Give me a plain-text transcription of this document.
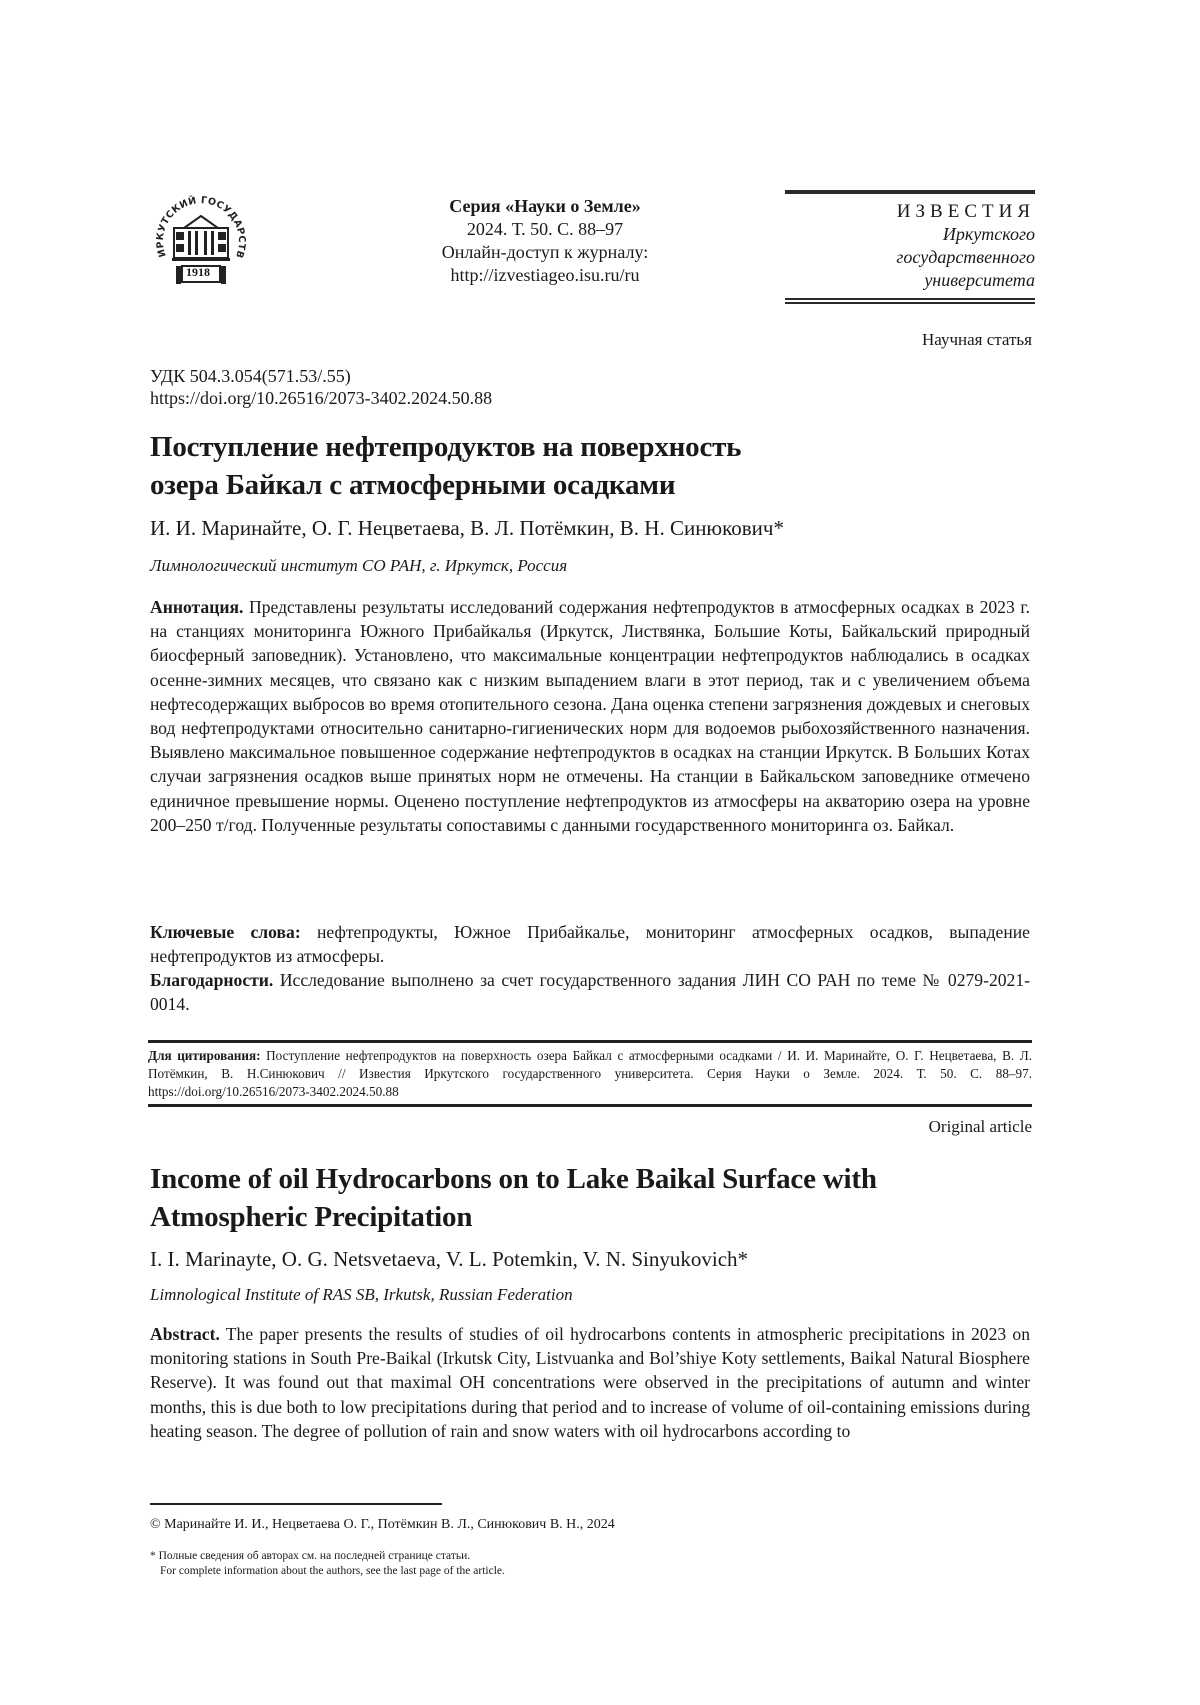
ИРКУТСКИЙ ГОСУДАРСТВ
1918
Серия «Науки о Земле»
2024. Т. 50. С. 88–97
Онлайн-доступ к журналу:
http://izvestiageo.isu.ru/ru
ИЗВЕСТИЯ
Иркутского
государственного
университета
Научная статья
УДК 504.3.054(571.53/.55)
https://doi.org/10.26516/2073-3402.2024.50.88
Поступление нефтепродуктов на поверхность
озера Байкал с атмосферными осадками
И. И. Маринайте, О. Г. Нецветаева, В. Л. Потёмкин, В. Н. Синюкович*
Лимнологический институт СО РАН, г. Иркутск, Россия
Аннотация. Представлены результаты исследований содержания нефтепродуктов в атмосферных осадках в 2023 г. на станциях мониторинга Южного Прибайкалья (Иркутск, Листвянка, Большие Коты, Байкальский природный биосферный заповедник). Установлено, что максимальные концентрации нефтепродуктов наблюдались в осадках осенне-зимних месяцев, что связано как с низким выпадением влаги в этот период, так и с увеличением объема нефтесодержащих выбросов во время отопительного сезона. Дана оценка степени загрязнения дождевых и снеговых вод нефтепродуктами относительно санитарно-гигиенических норм для водоемов рыбохозяйственного назначения. Выявлено максимальное повышенное содержание нефтепродуктов в осадках на станции Иркутск. В Больших Котах случаи загрязнения осадков выше принятых норм не отмечены. На станции в Байкальском заповеднике отмечено единичное превышение нормы. Оценено поступление нефтепродуктов из атмосферы на акваторию озера на уровне 200–250 т/год. Полученные результаты сопоставимы с данными государственного мониторинга оз. Байкал.
Ключевые слова: нефтепродукты, Южное Прибайкалье, мониторинг атмосферных осадков, выпадение нефтепродуктов из атмосферы.
Благодарности. Исследование выполнено за счет государственного задания ЛИН СО РАН по теме № 0279-2021-0014.
Для цитирования: Поступление нефтепродуктов на поверхность озера Байкал с атмосферными осадками / И. И. Маринайте, О. Г. Нецветаева, В. Л. Потёмкин, В. Н.Синюкович // Известия Иркутского государственного университета. Серия Науки о Земле. 2024. Т. 50. С. 88–97. https://doi.org/10.26516/2073-3402.2024.50.88
Original article
Income of oil Hydrocarbons on to Lake Baikal Surface with
Atmospheric Precipitation
I. I. Marinayte, O. G. Netsvetaeva, V. L. Potemkin, V. N. Sinyukovich*
Limnological Institute of RAS SB, Irkutsk, Russian Federation
Abstract. The paper presents the results of studies of oil hydrocarbons contents in atmospheric precipitations in 2023 on monitoring stations in South Pre-Baikal (Irkutsk City, Listvuanka and Bol’shiye Koty settlements, Baikal Natural Biosphere Reserve). It was found out that maximal OH concentrations were observed in the precipitations of autumn and winter months, this is due both to low precipitations during that period and to increase of volume of oil-containing emissions during heating season. The degree of pollution of rain and snow waters with oil hydrocarbons according to
© Маринайте И. И., Нецветаева О. Г., Потёмкин В. Л., Синюкович В. Н., 2024
* Полные сведения об авторах см. на последней странице статьи.
For complete information about the authors, see the last page of the article.
